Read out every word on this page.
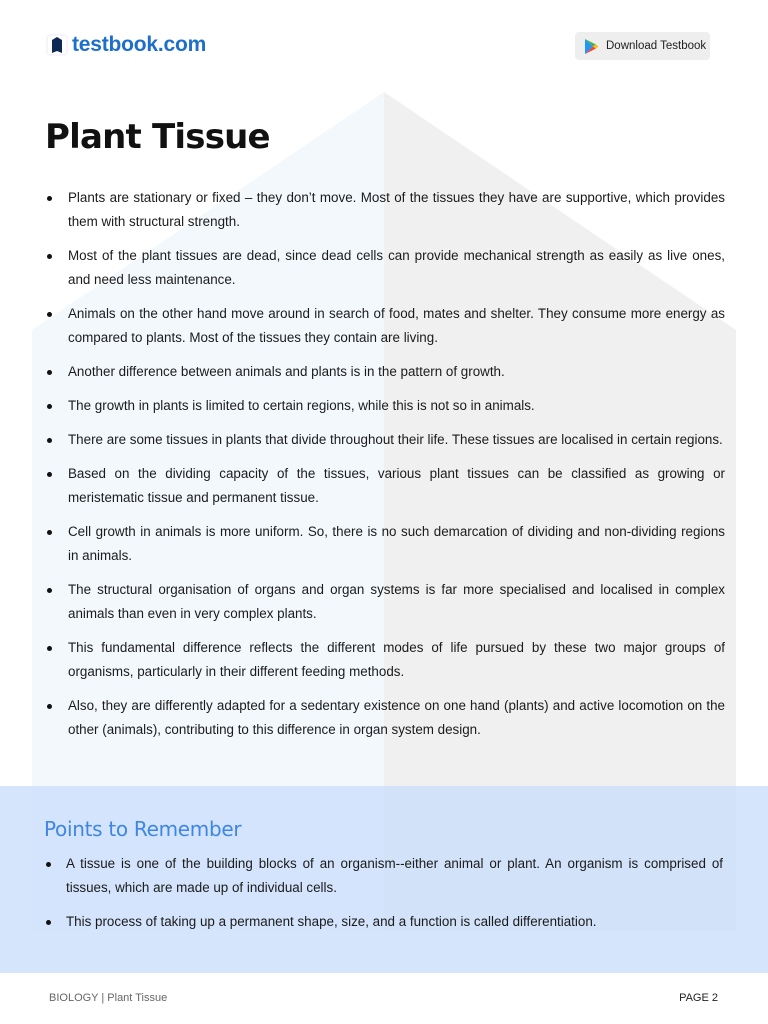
testbook.com	Download Testbook
Plant Tissue
Plants are stationary or fixed – they don’t move. Most of the tissues they have are supportive, which provides them with structural strength.
Most of the plant tissues are dead, since dead cells can provide mechanical strength as easily as live ones, and need less maintenance.
Animals on the other hand move around in search of food, mates and shelter. They consume more energy as compared to plants. Most of the tissues they contain are living.
Another difference between animals and plants is in the pattern of growth.
The growth in plants is limited to certain regions, while this is not so in animals.
There are some tissues in plants that divide throughout their life. These tissues are localised in certain regions.
Based on the dividing capacity of the tissues, various plant tissues can be classified as growing or meristematic tissue and permanent tissue.
Cell growth in animals is more uniform. So, there is no such demarcation of dividing and non-dividing regions in animals.
The structural organisation of organs and organ systems is far more specialised and localised in complex animals than even in very complex plants.
This fundamental difference reflects the different modes of life pursued by these two major groups of organisms, particularly in their different feeding methods.
Also, they are differently adapted for a sedentary existence on one hand (plants) and active locomotion on the other (animals), contributing to this difference in organ system design.
Points to Remember
A tissue is one of the building blocks of an organism--either animal or plant. An organism is comprised of tissues, which are made up of individual cells.
This process of taking up a permanent shape, size, and a function is called differentiation.
BIOLOGY | Plant Tissue	PAGE 2
